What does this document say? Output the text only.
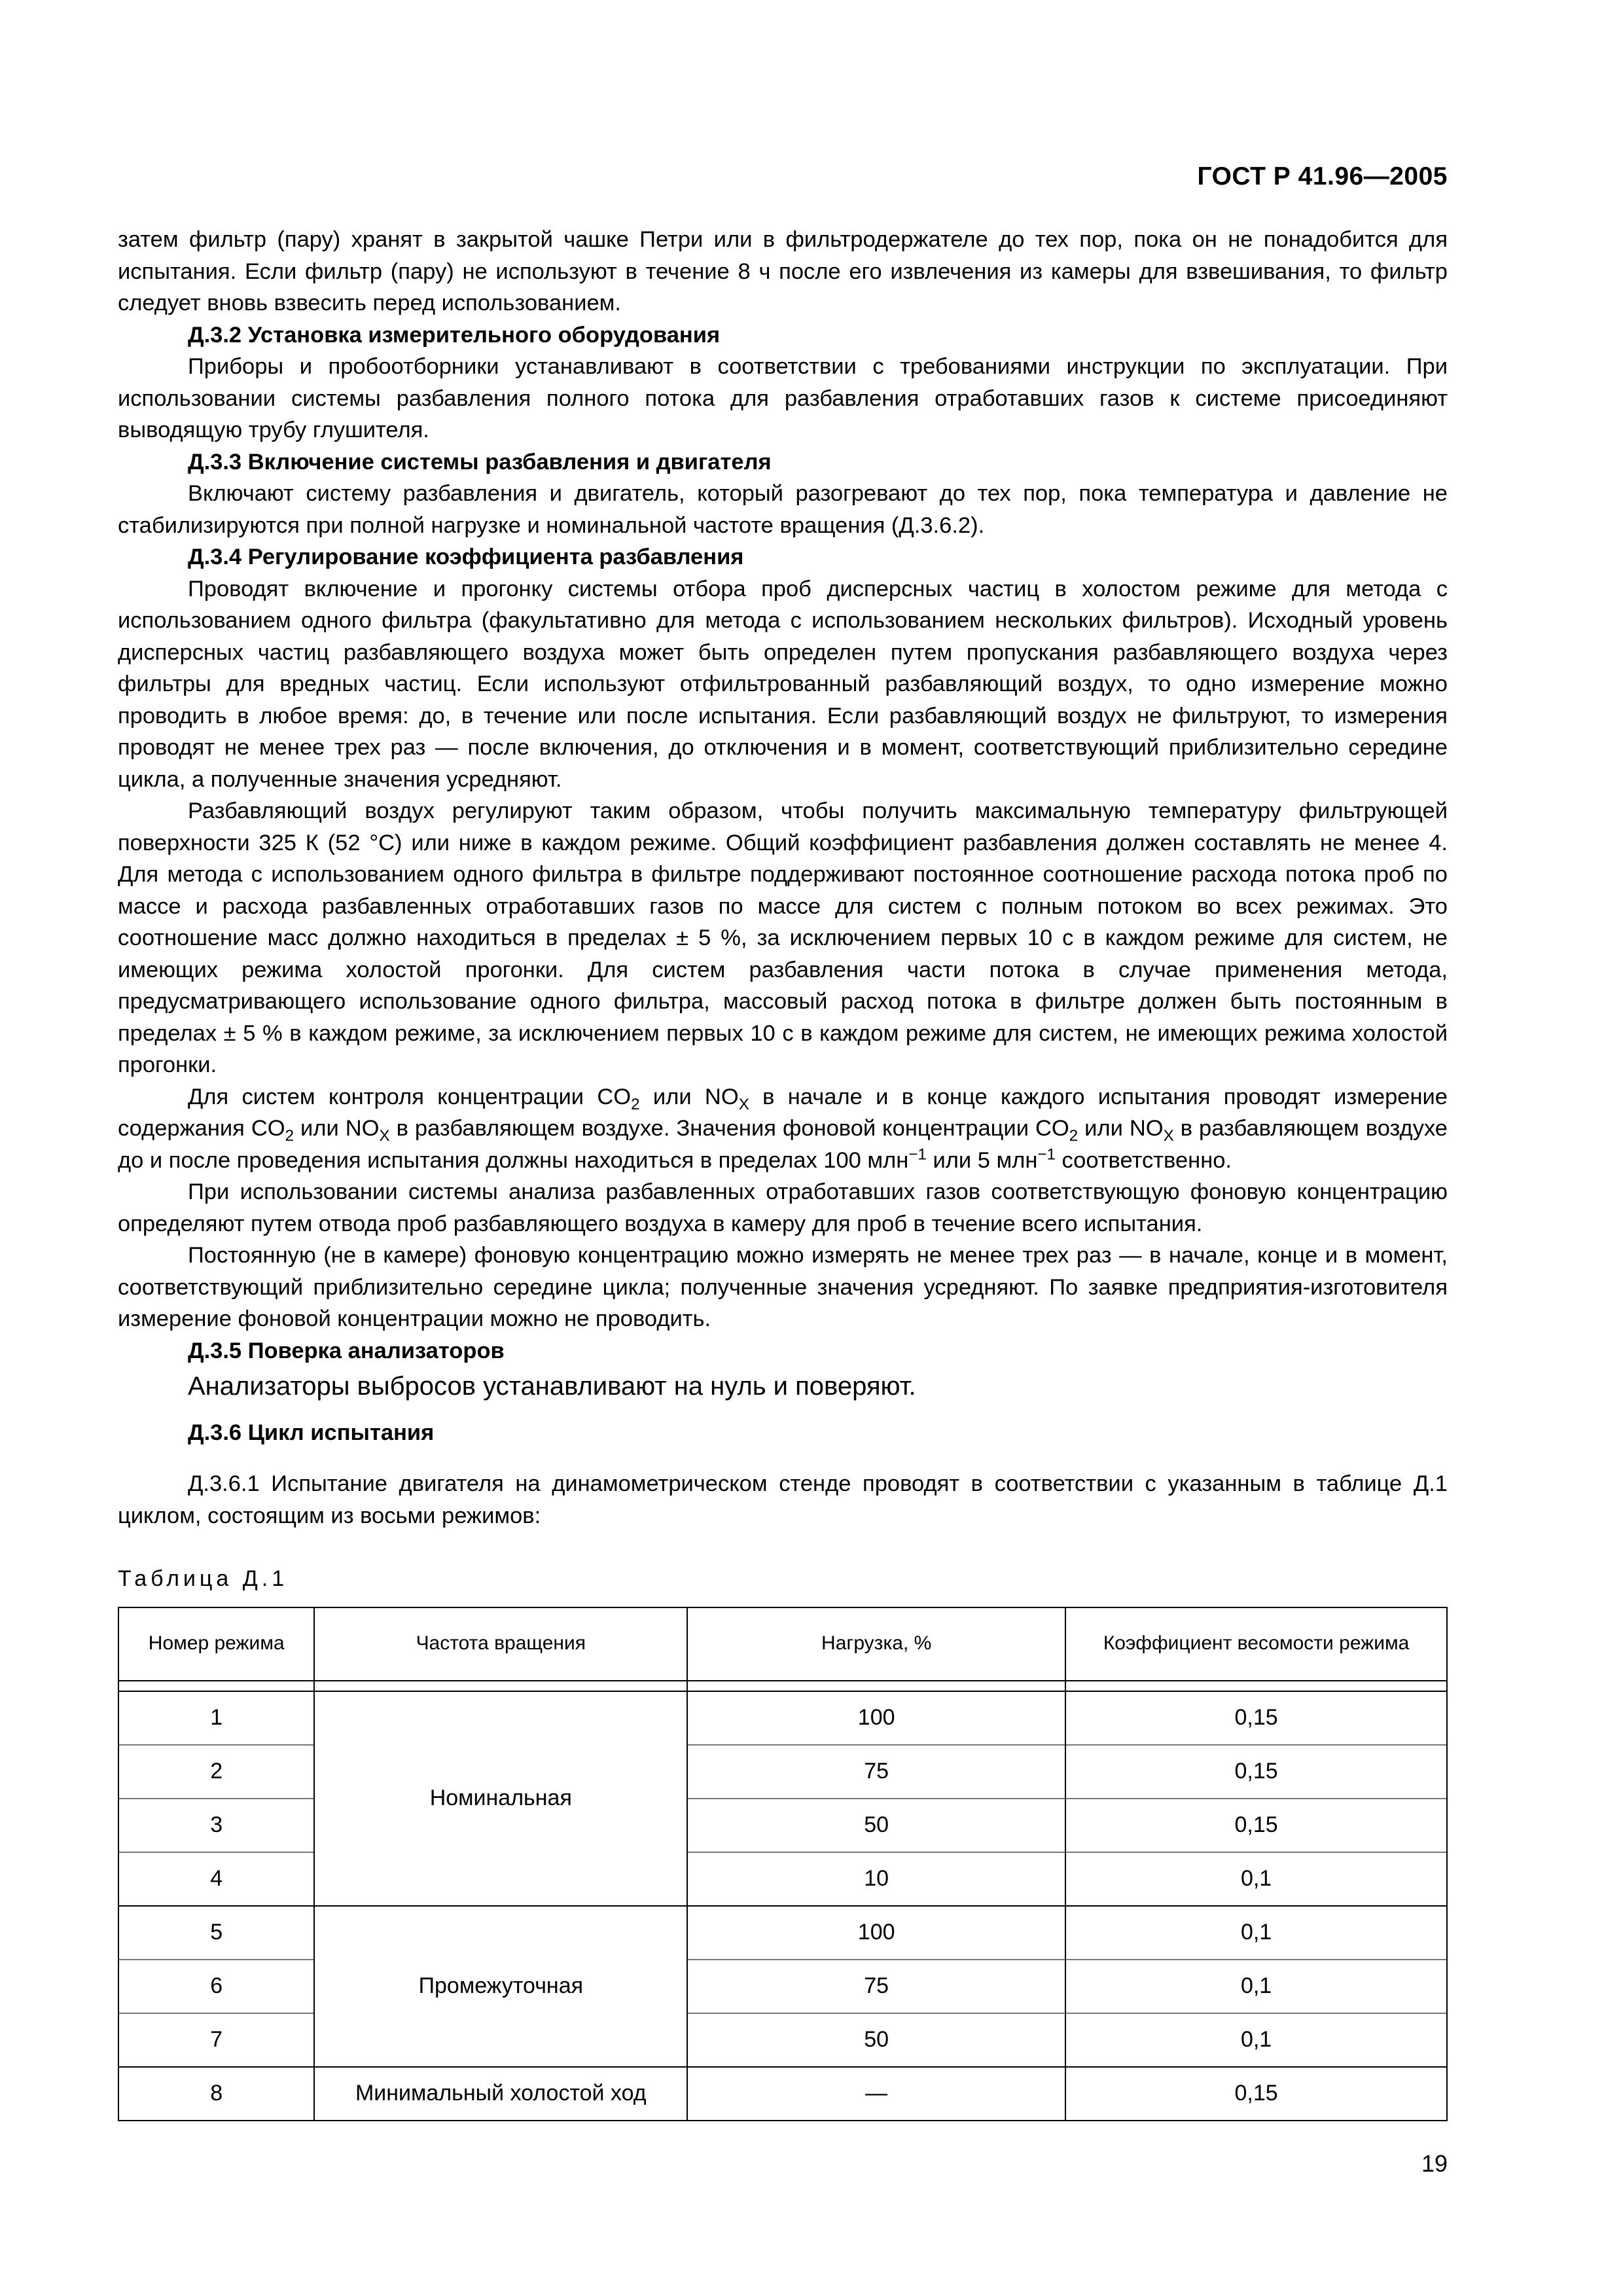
ГОСТ Р 41.96—2005

затем фильтр (пару) хранят в закрытой чашке Петри или в фильтродержателе до тех пор, пока он не понадобится для испытания. Если фильтр (пару) не используют в течение 8 ч после его извлечения из камеры для взвешивания, то фильтр следует вновь взвесить перед использованием.

Д.3.2 Установка измерительного оборудования

Приборы и пробоотборники устанавливают в соответствии с требованиями инструкции по эксплуатации. При использовании системы разбавления полного потока для разбавления отработавших газов к системе присоединяют выводящую трубу глушителя.

Д.3.3 Включение системы разбавления и двигателя

Включают систему разбавления и двигатель, который разогревают до тех пор, пока температура и давление не стабилизируются при полной нагрузке и номинальной частоте вращения (Д.3.6.2).

Д.3.4 Регулирование коэффициента разбавления

Проводят включение и прогонку системы отбора проб дисперсных частиц в холостом режиме для метода с использованием одного фильтра (факультативно для метода с использованием нескольких фильтров). Исходный уровень дисперсных частиц разбавляющего воздуха может быть определен путем пропускания разбавляющего воздуха через фильтры для вредных частиц. Если используют отфильтрованный разбавляющий воздух, то одно измерение можно проводить в любое время: до, в течение или после испытания. Если разбавляющий воздух не фильтруют, то измерения проводят не менее трех раз — после включения, до отключения и в момент, соответствующий приблизительно середине цикла, а полученные значения усредняют.

Разбавляющий воздух регулируют таким образом, чтобы получить максимальную температуру фильтрующей поверхности 325 К (52 °С) или ниже в каждом режиме. Общий коэффициент разбавления должен составлять не менее 4. Для метода с использованием одного фильтра в фильтре поддерживают постоянное соотношение расхода потока проб по массе и расхода разбавленных отработавших газов по массе для систем с полным потоком во всех режимах. Это соотношение масс должно находиться в пределах ± 5 %, за исключением первых 10 с в каждом режиме для систем, не имеющих режима холостой прогонки. Для систем разбавления части потока в случае применения метода, предусматривающего использование одного фильтра, массовый расход потока в фильтре должен быть постоянным в пределах ± 5 % в каждом режиме, за исключением первых 10 с в каждом режиме для систем, не имеющих режима холостой прогонки.

Для систем контроля концентрации $CO_2$ или $NO_X$ в начале и в конце каждого испытания проводят измерение содержания $CO_2$ или $NO_X$ в разбавляющем воздухе. Значения фоновой концентрации $CO_2$ или $NO_X$ в разбавляющем воздухе до и после проведения испытания должны находиться в пределах 100 млн$^{-1}$ или 5 млн$^{-1}$ соответственно.

При использовании системы анализа разбавленных отработавших газов соответствующую фоновую концентрацию определяют путем отвода проб разбавляющего воздуха в камеру для проб в течение всего испытания.

Постоянную (не в камере) фоновую концентрацию можно измерять не менее трех раз — в начале, конце и в момент, соответствующий приблизительно середине цикла; полученные значения усредняют. По заявке предприятия-изготовителя измерение фоновой концентрации можно не проводить.

Д.3.5 Поверка анализаторов

Анализаторы выбросов устанавливают на нуль и поверяют.

Д.3.6 Цикл испытания

Д.3.6.1 Испытание двигателя на динамометрическом стенде проводят в соответствии с указанным в таблице Д.1 циклом, состоящим из восьми режимов:

Таблица Д.1
Номер режима	Частота вращения	Нагрузка, %	Коэффициент весомости режима

1	Номинальная	100	0,15
2		75	0,15
3		50	0,15
4		10	0,1
5	Промежуточная	100	0,1
6		75	0,1
7		50	0,1
8	Минимальный холостой ход	—	0,15
19
